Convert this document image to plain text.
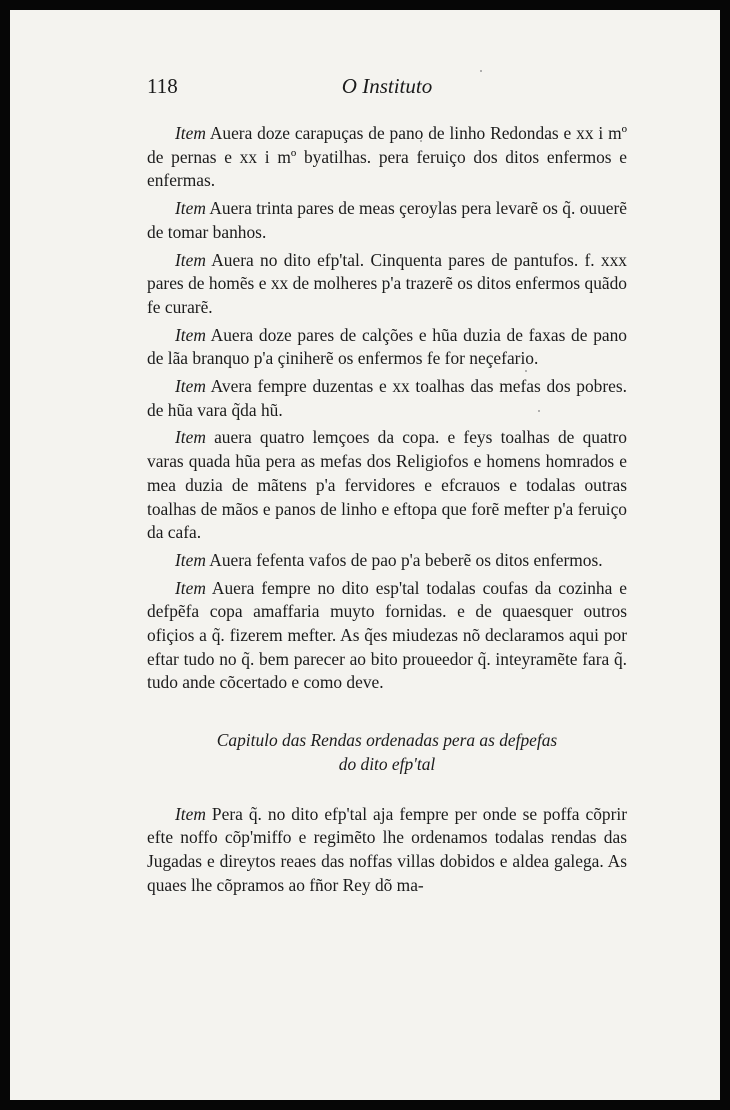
118	O Instituto

Item Auera doze carapuças de pano de linho Redondas e xx i mº de pernas e xx i mº byatilhas. pera feruiço dos ditos enfermos e enfermas.

Item Auera trinta pares de meas çeroylas pera levarẽ os q̃. ouuerẽ de tomar banhos.

Item Auera no dito efp'tal. Cinquenta pares de pantufos. f. xxx pares de homẽs e xx de molheres p'a trazerẽ os ditos enfermos quãdo fe curarẽ.

Item Auera doze pares de calções e hũa duzia de faxas de pano de lãa branquo p'a çiniherẽ os enfermos fe for neçefario.

Item Avera fempre duzentas e xx toalhas das mefas dos pobres. de hũa vara q̃da hũ.

Item auera quatro lemçoes da copa. e feys toalhas de quatro varas quada hũa pera as mefas dos Religiofos e homens homrados e mea duzia de mãtens p'a fervidores e efcrauos e todalas outras toalhas de mãos e panos de linho e eftopa que forẽ mefter p'a feruiço da cafa.

Item Auera fefenta vafos de pao p'a beberẽ os ditos enfermos.

Item Auera fempre no dito esp'tal todalas coufas da cozinha e defpẽfa copa amaffaria muyto fornidas. e de quaesquer outros ofiçios a q̃. fizerem mefter. As q̃es miudezas nõ declaramos aqui por eftar tudo no q̃. bem parecer ao bito proueedor q̃. inteyramẽte fara q̃. tudo ande cõcertado e como deve.

Capitulo das Rendas ordenadas pera as defpefas
do dito efp'tal

Item Pera q̃. no dito efp'tal aja fempre per onde se poffa cõprir efte noffo cõp'miffo e regimẽto lhe ordenamos todalas rendas das Jugadas e direytos reaes das noffas villas dobidos e aldea galega. As quaes lhe cõpramos ao fñor Rey dõ ma-
